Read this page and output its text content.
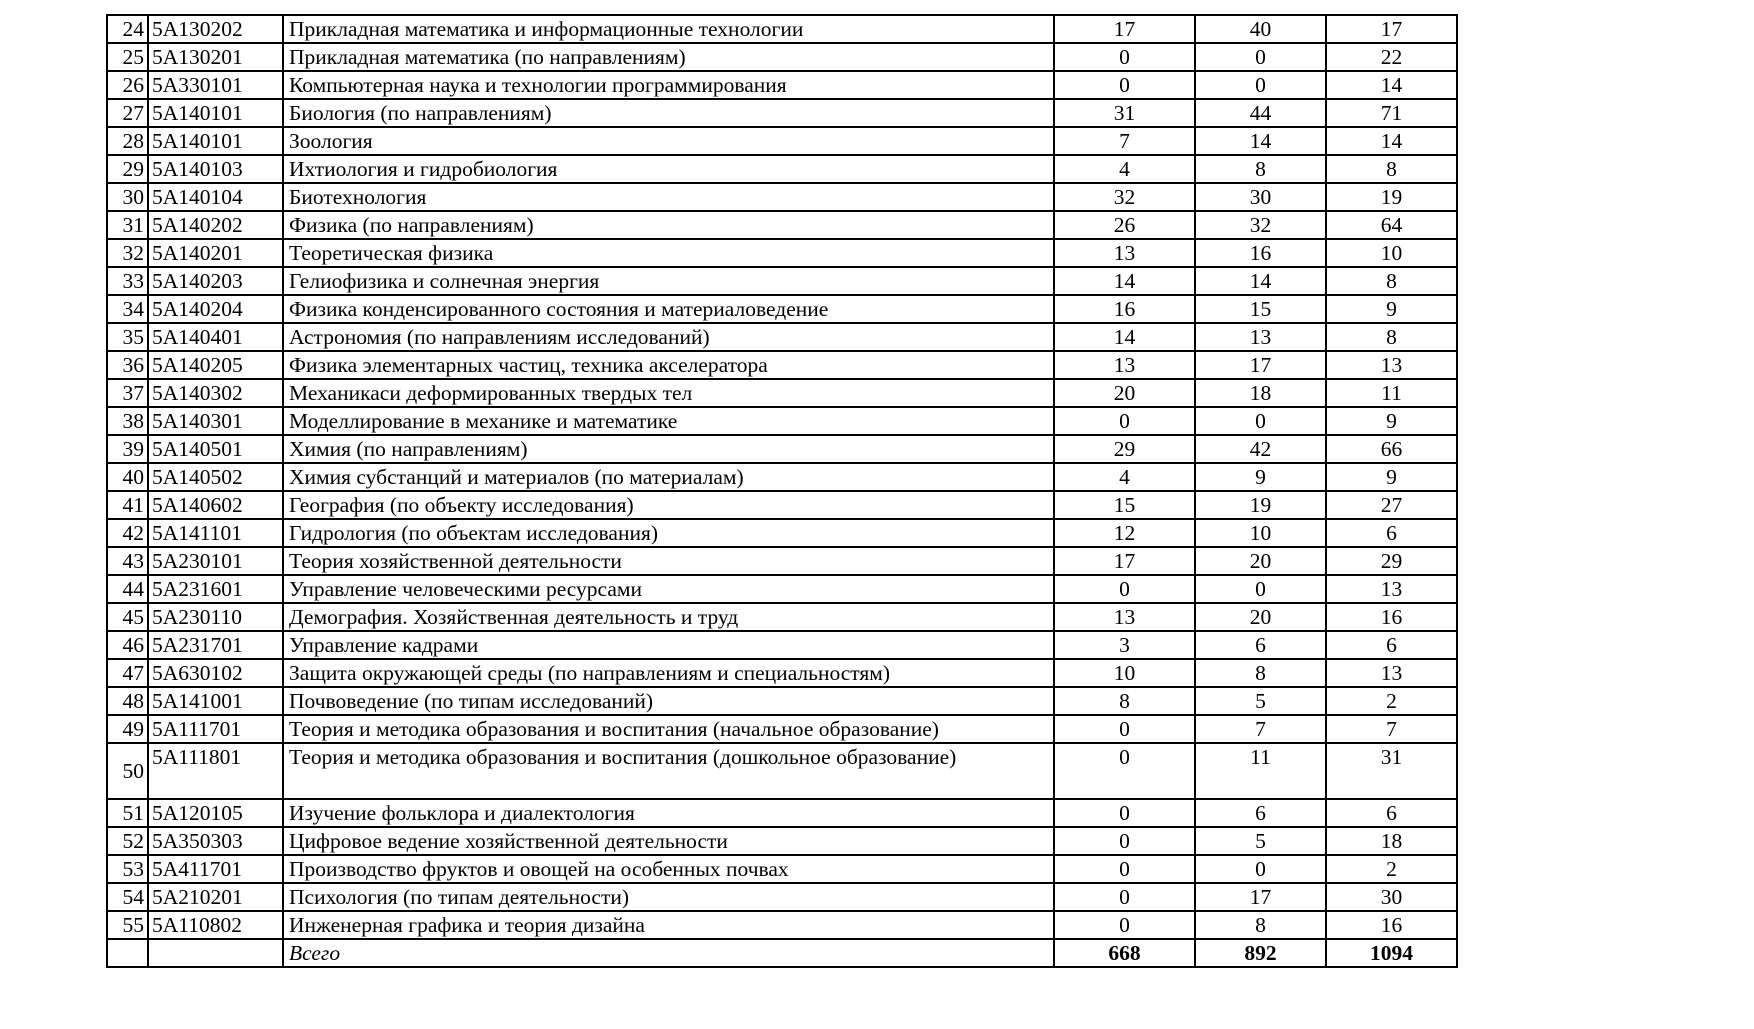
24	5A130202	Прикладная математика и информационные технологии	17	40	17
25	5A130201	Прикладная математика (по направлениям)	0	0	22
26	5A330101	Компьютерная наука и технологии программирования	0	0	14
27	5A140101	Биология (по направлениям)	31	44	71
28	5A140101	Зоология	7	14	14
29	5A140103	Ихтиология и гидробиология	4	8	8
30	5A140104	Биотехнология	32	30	19
31	5A140202	Физика (по направлениям)	26	32	64
32	5A140201	Теоретическая физика	13	16	10
33	5A140203	Гелиофизика и солнечная энергия	14	14	8
34	5A140204	Физика конденсированного состояния и материаловедение	16	15	9
35	5A140401	Астрономия (по направлениям исследований)	14	13	8
36	5A140205	Физика элементарных частиц, техника акселератора	13	17	13
37	5A140302	Механикаси деформированных твердых тел	20	18	11
38	5A140301	Моделлирование в механике и математике	0	0	9
39	5A140501	Химия (по направлениям)	29	42	66
40	5A140502	Химия субстанций и материалов (по материалам)	4	9	9
41	5A140602	География (по объекту исследования)	15	19	27
42	5A141101	Гидрология (по объектам исследования)	12	10	6
43	5A230101	Теория хозяйственной деятельности	17	20	29
44	5A231601	Управление человеческими ресурсами	0	0	13
45	5A230110	Демография. Хозяйственная деятельность и труд	13	20	16
46	5A231701	Управление кадрами	3	6	6
47	5A630102	Защита окружающей среды (по направлениям и специальностям)	10	8	13
48	5A141001	Почвоведение (по типам исследований)	8	5	2
49	5A111701	Теория и методика образования и воспитания (начальное образование)	0	7	7
50	5A111801	Теория и методика образования и воспитания (дошкольное образование)	0	11	31
51	5A120105	Изучение фольклора и диалектология	0	6	6
52	5A350303	Цифровое ведение хозяйственной деятельности	0	5	18
53	5A411701	Производство фруктов и овощей на особенных почвах	0	0	2
54	5A210201	Психология (по типам деятельности)	0	17	30
55	5A110802	Инженерная графика и теория дизайна	0	8	16
		Всего	668	892	1094
